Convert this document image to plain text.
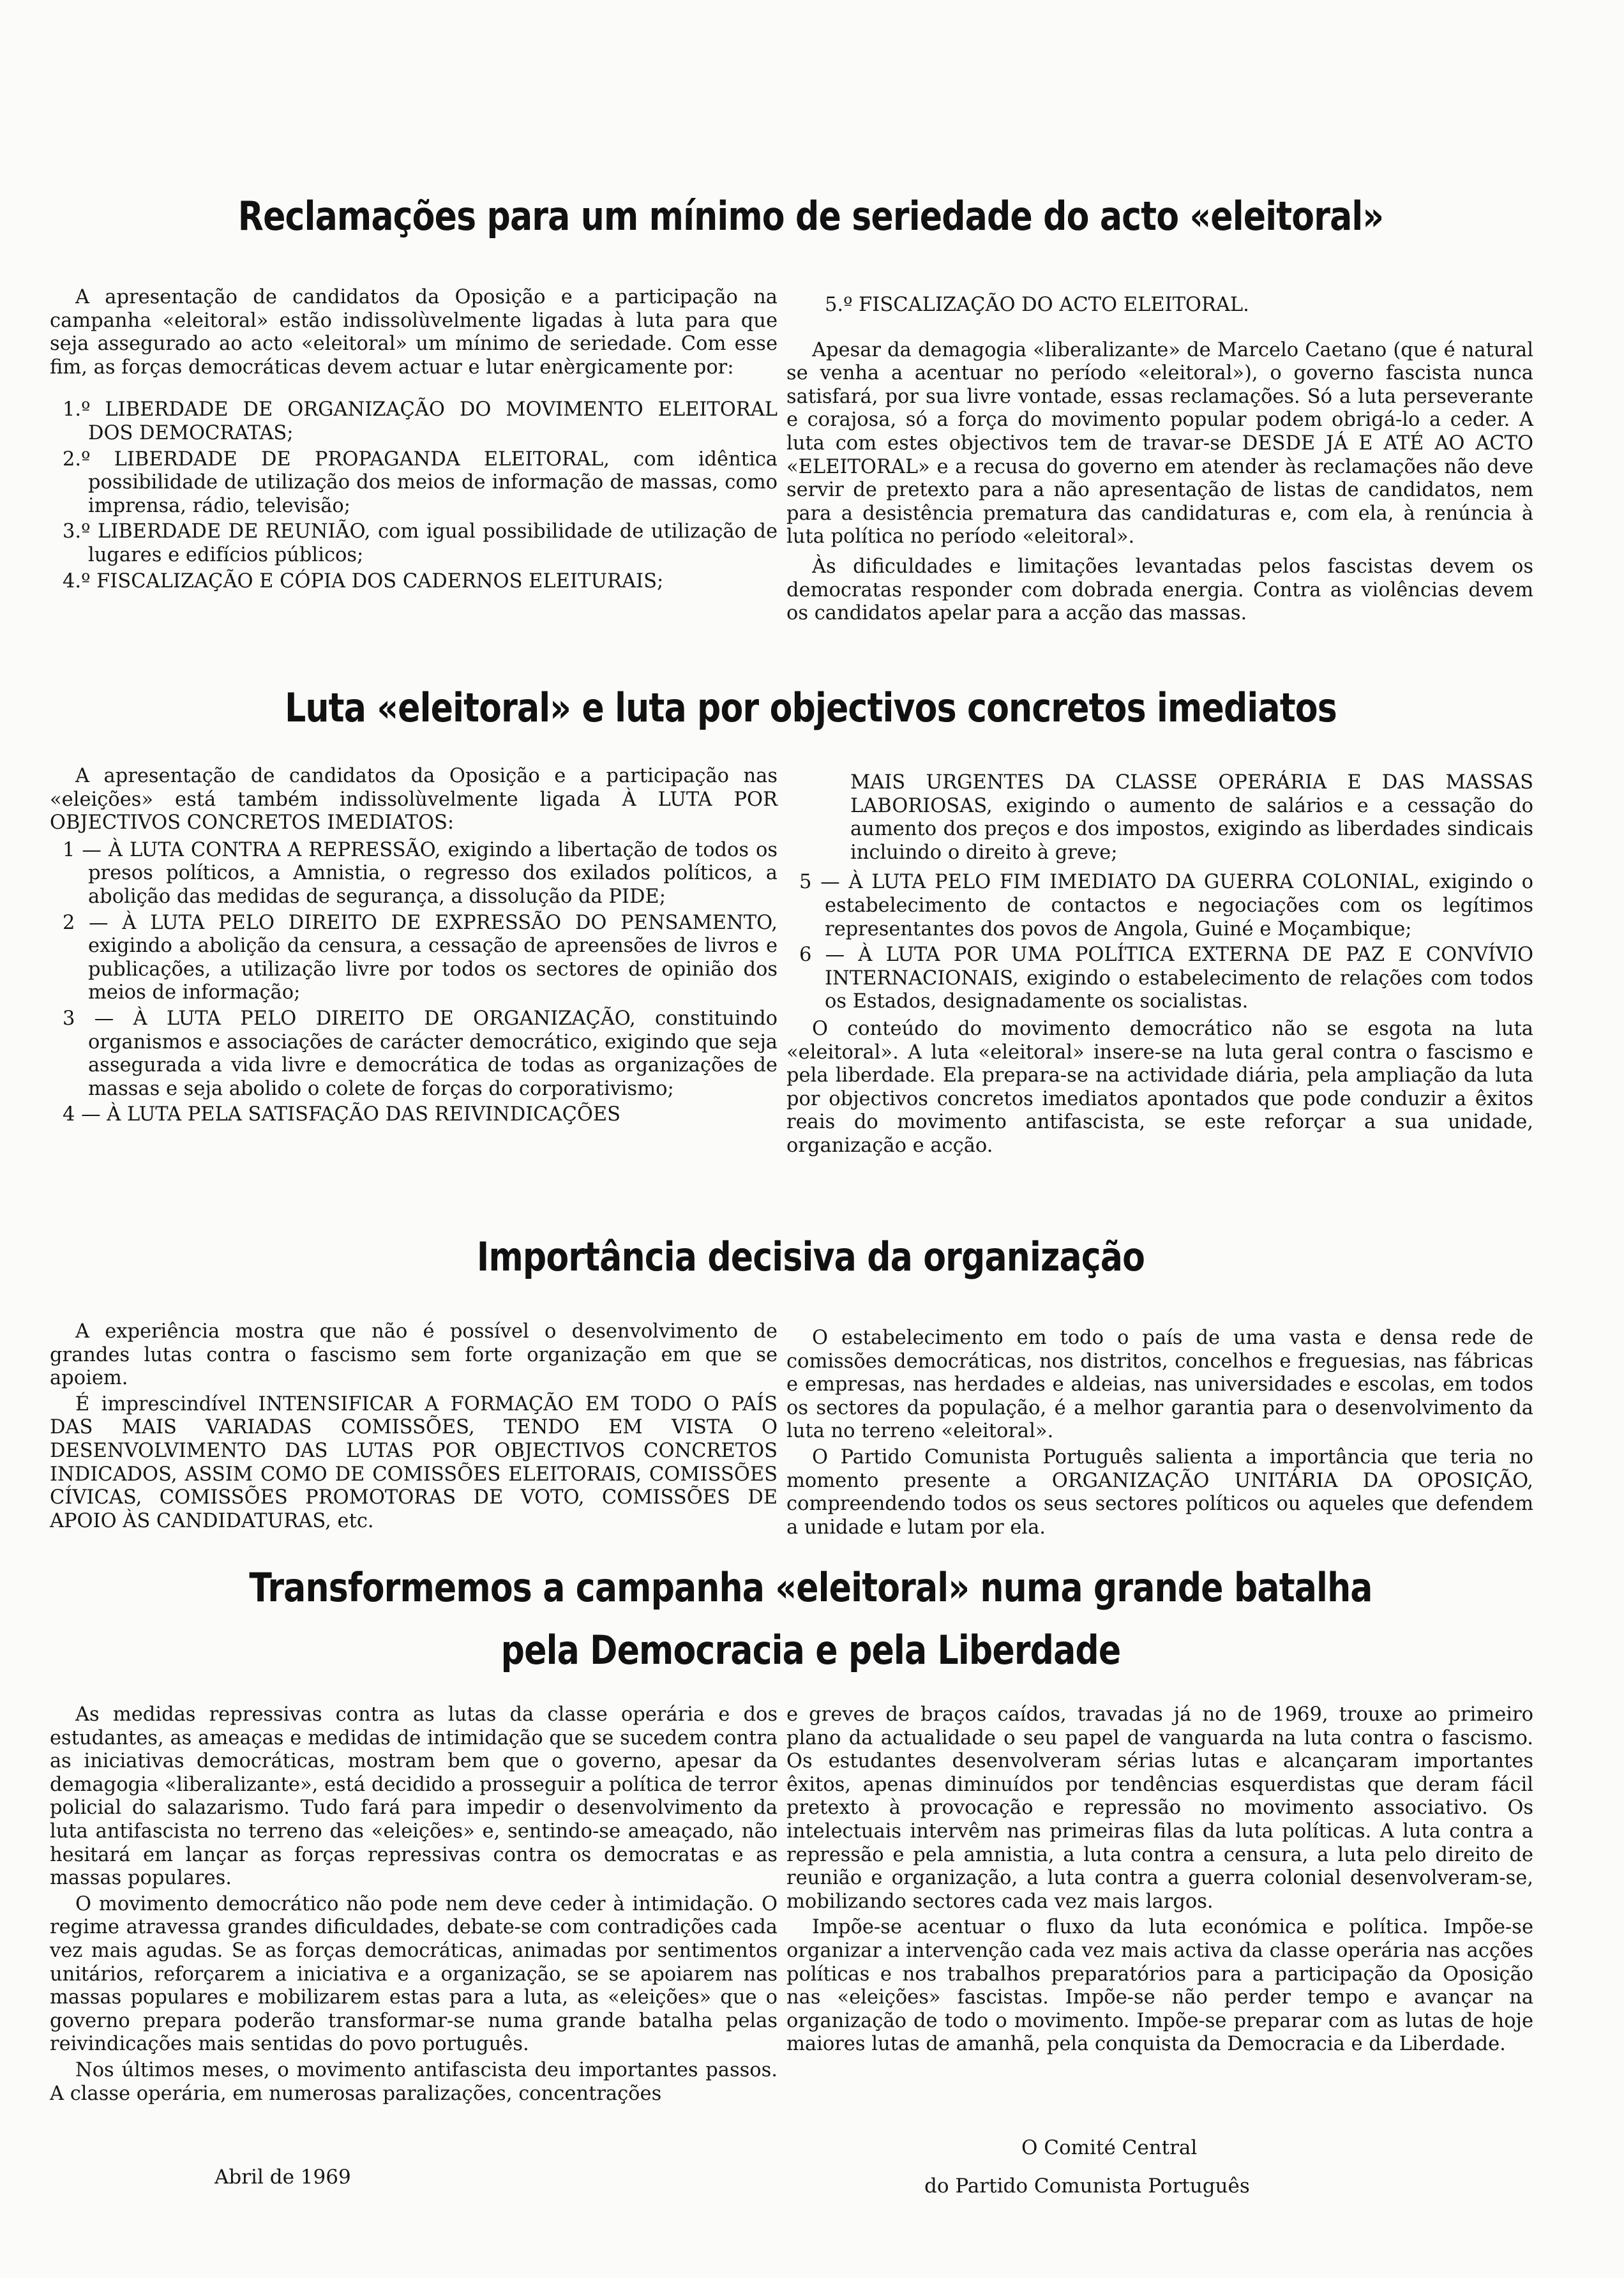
Reclamações para um mínimo de seriedade do acto «eleitoral»

A apresentação de candidatos da Oposição e a participação na campanha «eleitoral» estão indissolùvelmente ligadas à luta para que seja assegurado ao acto «eleitoral» um mínimo de seriedade. Com esse fim, as forças democráticas devem actuar e lutar enèrgicamente por:

1.º LIBERDADE DE ORGANIZAÇÃO DO MOVIMENTO ELEITORAL DOS DEMOCRATAS;
2.º LIBERDADE DE PROPAGANDA ELEITORAL, com idêntica possibilidade de utilização dos meios de informação de massas, como imprensa, rádio, televisão;
3.º LIBERDADE DE REUNIÃO, com igual possibilidade de utilização de lugares e edifícios públicos;
4.º FISCALIZAÇÃO E CÓPIA DOS CADERNOS ELEITURAIS;

5.º FISCALIZAÇÃO DO ACTO ELEITORAL.

Apesar da demagogia «liberalizante» de Marcelo Caetano (que é natural se venha a acentuar no período «eleitoral»), o governo fascista nunca satisfará, por sua livre vontade, essas reclamações. Só a luta perseverante e corajosa, só a força do movimento popular podem obrigá-lo a ceder. A luta com estes objectivos tem de travar-se DESDE JÁ E ATÉ AO ACTO «ELEITORAL» e a recusa do governo em atender às reclamações não deve servir de pretexto para a não apresentação de listas de candidatos, nem para a desistência prematura das candidaturas e, com ela, à renúncia à luta política no período «eleitoral».

Às dificuldades e limitações levantadas pelos fascistas devem os democratas responder com dobrada energia. Contra as violências devem os candidatos apelar para a acção das massas.

Luta «eleitoral» e luta por objectivos concretos imediatos

A apresentação de candidatos da Oposição e a participação nas «eleições» está também indissolùvelmente ligada À LUTA POR OBJECTIVOS CONCRETOS IMEDIATOS:

1 — À LUTA CONTRA A REPRESSÃO, exigindo a libertação de todos os presos políticos, a Amnistia, o regresso dos exilados políticos, a abolição das medidas de segurança, a dissolução da PIDE;
2 — À LUTA PELO DIREITO DE EXPRESSÃO DO PENSAMENTO, exigindo a abolição da censura, a cessação de apreensões de livros e publicações, a utilização livre por todos os sectores de opinião dos meios de informação;
3 — À LUTA PELO DIREITO DE ORGANIZAÇÃO, constituindo organismos e associações de carácter democrático, exigindo que seja assegurada a vida livre e democrática de todas as organizações de massas e seja abolido o colete de forças do corporativismo;
4 — À LUTA PELA SATISFAÇÃO DAS REIVINDICAÇÕES

MAIS URGENTES DA CLASSE OPERÁRIA E DAS MASSAS LABORIOSAS, exigindo o aumento de salários e a cessação do aumento dos preços e dos impostos, exigindo as liberdades sindicais incluindo o direito à greve;

5 — À LUTA PELO FIM IMEDIATO DA GUERRA COLONIAL, exigindo o estabelecimento de contactos e negociações com os legítimos representantes dos povos de Angola, Guiné e Moçambique;
6 — À LUTA POR UMA POLÍTICA EXTERNA DE PAZ E CONVÍVIO INTERNACIONAIS, exigindo o estabelecimento de relações com todos os Estados, designadamente os socialistas.

O conteúdo do movimento democrático não se esgota na luta «eleitoral». A luta «eleitoral» insere-se na luta geral contra o fascismo e pela liberdade. Ela prepara-se na actividade diária, pela ampliação da luta por objectivos concretos imediatos apontados que pode conduzir a êxitos reais do movimento antifascista, se este reforçar a sua unidade, organização e acção.

Importância decisiva da organização

A experiência mostra que não é possível o desenvolvimento de grandes lutas contra o fascismo sem forte organização em que se apoiem.

É imprescindível INTENSIFICAR A FORMAÇÃO EM TODO O PAÍS DAS MAIS VARIADAS COMISSÕES, TENDO EM VISTA O DESENVOLVIMENTO DAS LUTAS POR OBJECTIVOS CONCRETOS INDICADOS, ASSIM COMO DE COMISSÕES ELEITORAIS, COMISSÕES CÍVICAS, COMISSÕES PROMOTORAS DE VOTO, COMISSÕES DE APOIO ÀS CANDIDATURAS, etc.

O estabelecimento em todo o país de uma vasta e densa rede de comissões democráticas, nos distritos, concelhos e freguesias, nas fábricas e empresas, nas herdades e aldeias, nas universidades e escolas, em todos os sectores da população, é a melhor garantia para o desenvolvimento da luta no terreno «eleitoral».

O Partido Comunista Português salienta a importância que teria no momento presente a ORGANIZAÇÃO UNITÁRIA DA OPOSIÇÃO, compreendendo todos os seus sectores políticos ou aqueles que defendem a unidade e lutam por ela.

Transformemos a campanha «eleitoral» numa grande batalha
pela Democracia e pela Liberdade

As medidas repressivas contra as lutas da classe operária e dos estudantes, as ameaças e medidas de intimidação que se sucedem contra as iniciativas democráticas, mostram bem que o governo, apesar da demagogia «liberalizante», está decidido a prosseguir a política de terror policial do salazarismo. Tudo fará para impedir o desenvolvimento da luta antifascista no terreno das «eleições» e, sentindo-se ameaçado, não hesitará em lançar as forças repressivas contra os democratas e as massas populares.

O movimento democrático não pode nem deve ceder à intimidação. O regime atravessa grandes dificuldades, debate-se com contradições cada vez mais agudas. Se as forças democráticas, animadas por sentimentos unitários, reforçarem a iniciativa e a organização, se se apoiarem nas massas populares e mobilizarem estas para a luta, as «eleições» que o governo prepara poderão transformar-se numa grande batalha pelas reivindicações mais sentidas do povo português.

Nos últimos meses, o movimento antifascista deu importantes passos. A classe operária, em numerosas paralizações, concentrações

e greves de braços caídos, travadas já no de 1969, trouxe ao primeiro plano da actualidade o seu papel de vanguarda na luta contra o fascismo. Os estudantes desenvolveram sérias lutas e alcançaram importantes êxitos, apenas diminuídos por tendências esquerdistas que deram fácil pretexto à provocação e repressão no movimento associativo. Os intelectuais intervêm nas primeiras filas da luta políticas. A luta contra a repressão e pela amnistia, a luta contra a censura, a luta pelo direito de reunião e organização, a luta contra a guerra colonial desenvolveram-se, mobilizando sectores cada vez mais largos.

Impõe-se acentuar o fluxo da luta económica e política. Impõe-se organizar a intervenção cada vez mais activa da classe operária nas acções políticas e nos trabalhos preparatórios para a participação da Oposição nas «eleições» fascistas. Impõe-se não perder tempo e avançar na organização de todo o movimento. Impõe-se preparar com as lutas de hoje maiores lutas de amanhã, pela conquista da Democracia e da Liberdade.

Abril de 1969
O Comité Central
do Partido Comunista Português
